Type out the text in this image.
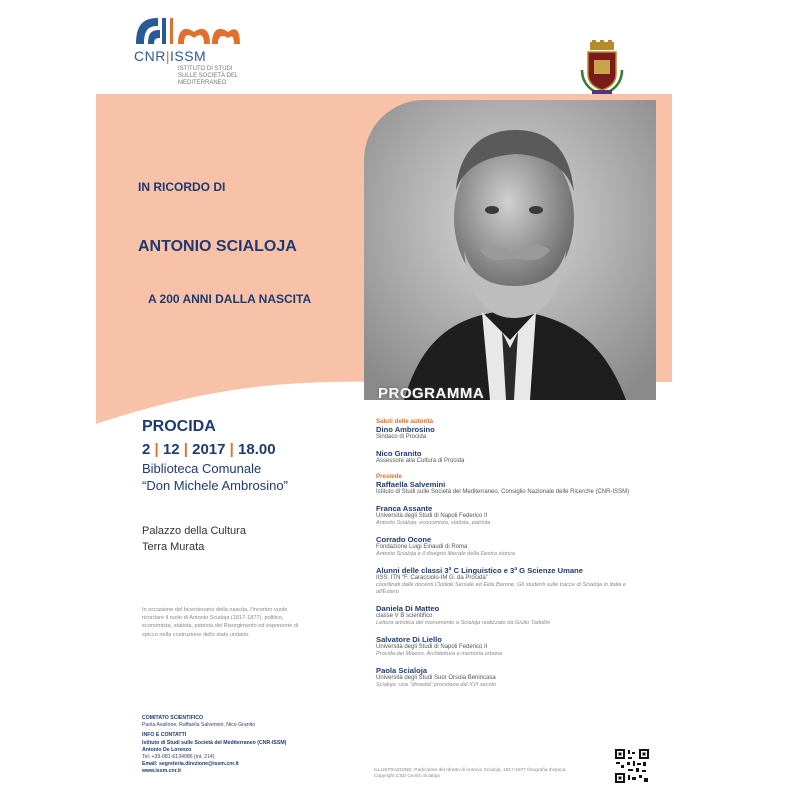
CNR|ISSM
ISTITUTO DI STUDI SULLE SOCIETÀ DEL MEDITERRANEO
PROGRAMMA
IN RICORDO DI
ANTONIO SCIALOJA
A 200 ANNI DALLA NASCITA
PROCIDA
2 | 12 | 2017 | 18.00
Biblioteca Comunale
“Don Michele Ambrosino”
Palazzo della Cultura
Terra Murata
In occasione del bicentenario della nascita, l'incontro vuole ricordare il ruolo di Antonio Scialoja (1817-1877), politico, economista, statista, patriota del Risorgimento ed esponente di spicco nella costruzione dello stato unitario.
COMITATO SCIENTIFICO
Paola Avallone, Raffaella Salvemini, Nico Granito
INFO E CONTATTI
Istituto di Studi sulle Società del Mediterraneo (CNR-ISSM)
Antonio De Lorenzo
Tel: +39-081-6134086 (int. 214)
Email: segreteria.direzione@issm.cnr.it
www.issm.cnr.it
Saluti delle autorità
Dino Ambrosino
Sindaco di Procida
Nico Granito
Assessore alla Cultura di Procida
Presiede
Raffaella Salvemini
Istituto di Studi sulle Società del Mediterraneo, Consiglio Nazionale delle Ricerche (CNR-ISSM)
Franca Assante
Università degli Studi di Napoli Federico II
Antonio Scialoja: economista, statista, patriota
Corrado Ocone
Fondazione Luigi Einaudi di Roma
Antonio Scialoja e il disegno liberale della Destra storica
Alunni delle classi 3ª C Linguistico e 3ª G Scienze Umane
IISS. ITN “F. Caracciolo-IM G. da Procida”
coordinati dalle docenti Clotilde Sersale ed Elda Barone. Gli studenti sulle tracce di Scialoja in Italia e all'Estero
Daniela Di Matteo
classe V B scientifico
Lettura artistica del monumento a Scialoja realizzato da Giulio Tadolini
Salvatore Di Liello
Università degli Studi di Napoli Federico II
Procida dei Miseno. Architettura e memoria urbana
Paola Scialoja
Università degli Studi Suor Orsola Benincasa
Scialoja: una “dinastia” procidana dal XVI secolo
ILLUSTRAZIONE: Particolare del ritratto di Antonio Scialoja, 1817-1877 fotografia d'epoca. Copyright CSD Centro Scialoja
